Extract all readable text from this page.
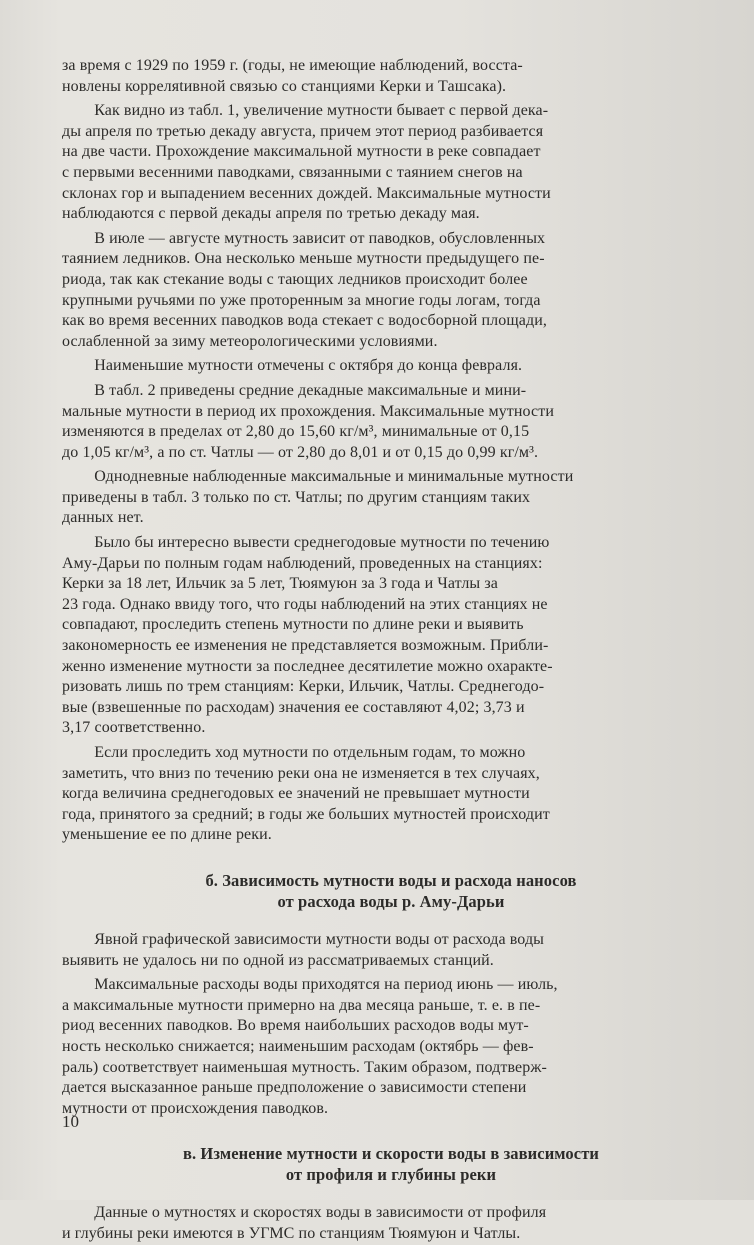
за время с 1929 по 1959 г. (годы, не имеющие наблюдений, восста-
новлены корреляtивной связью со станциями Керки и Ташсака).
  Как видно из табл. 1, увеличение мутности бывает с первой дека-
ды апреля по третью декаду августа, причем этот период разбивается
на две части. Прохождение максимальной мутности в реке совпадает
с первыми весенними паводками, связанными с таянием снегов на
склонах гор и выпадением весенних дождей. Максимальные мутности
наблюдаются с первой декады апреля по третью декаду мая.
  В июле — августе мутность зависит от паводков, обусловленных
таянием ледников. Она несколько меньше мутности предыдущего пе-
риода, так как стекание воды с тающих ледников происходит более
крупными ручьями по уже протоpенным за многие годы логам, тогда
как во время весенних паводков вода стекает с водосборной площади,
ослабленной за зиму метеорологическими условиями.
  Наименьшие мутности отмечены с октября до конца февраля.
  В табл. 2 приведены средние декадные максимальные и мини-
мальные мутности в период их прохождения. Максимальные мутности
изменяются в пределах от 2,80 до 15,60 кг/м³, минимальные от 0,15
до 1,05 кг/м³, а по ст. Чатлы — от 2,80 до 8,01 и от 0,15 до 0,99 кг/м³.
  Однодневные наблюденные максимальные и минимальные мутности
приведены в табл. 3 только по ст. Чатлы; по другим станциям таких
данных нет.
  Было бы интересно вывести среднегодовые мутности по течению
Аму-Дарьи по полным годам наблюдений, проведенных на станциях:
Керки за 18 лет, Ильчик за 5 лет, Тюямуюн за 3 года и Чатлы за
23 года. Однако ввиду того, что годы наблюдений на этих станциях не
совпадают, проследить степень мутности по длине реки и выявить
закономерность ее изменения не представляется возможным. Прибли-
женно изменение мутности за последнее десятилетие можно охаракте-
ризовать лишь по трем станциям: Керки, Ильчик, Чатлы. Среднегодо-
вые (взвешенные по расходам) значения ее составляют 4,02; 3,73 и
3,17 соответственно.
  Если проследить ход мутности по отдельным годам, то можно
заметить, что вниз по течению реки она не изменяется в тех случаях,
когда величина среднегодовых ее значений не превышает мутности
года, принятого за средний; в годы же больших мутностей происходит
уменьшение ее по длине реки.
б. Зависимость мутности воды и расхода наносов
от расхода воды р. Аму-Дарьи
  Явной графической зависимости мутности воды от расхода воды
выявить не удалось ни по одной из рассматриваемых станций.
  Максимальные расходы воды приходятся на период июнь — июль,
а максимальные мутности примерно на два месяца раньше, т. е. в пе-
риод весенних паводков. Во время наибольших расходов воды мут-
ность несколько снижается; наименьшим расходам (октябрь — фев-
раль) соответствует наименьшая мутность. Таким образом, подтверж-
дается высказанное раньше предположение о зависимости степени
мутности от происхождения паводков.
в. Изменение мутности и скорости воды в зависимости
от профиля и глубины реки
  Данные о мутностях и скоростях воды в зависимости от профиля
и глубины реки имеются в УГМС по станциям Тюямуюн и Чатлы.
10
